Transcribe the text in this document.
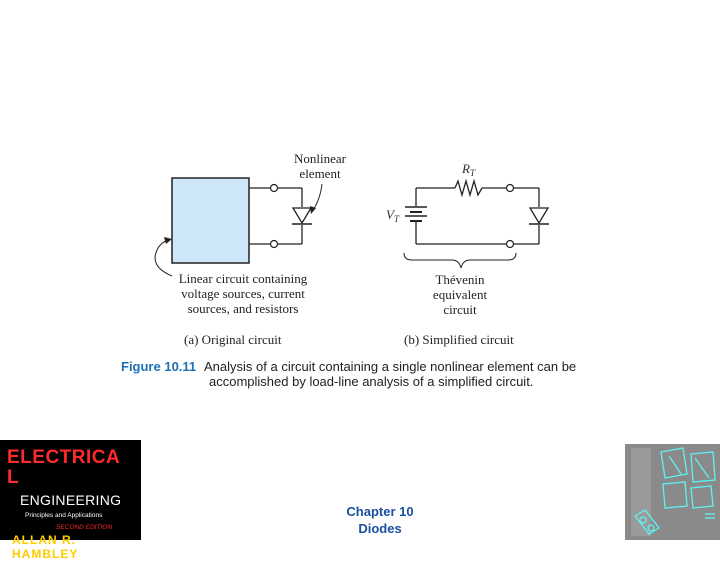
$R_T$
$V_T$
Nonlinear
element
Linear circuit containing
voltage sources, current
sources, and resistors
Thévenin
equivalent
circuit
(a) Original circuit	(b) Simplified circuit
Figure 10.11 Analysis of a circuit containing a single nonlinear element can be
accomplished by load-line analysis of a simplified circuit.
ELECTRICA
L
ENGINEERING
Principles and Applications
SECOND EDITION
ALLAN R. HAMBLEY
Chapter 10
Diodes
